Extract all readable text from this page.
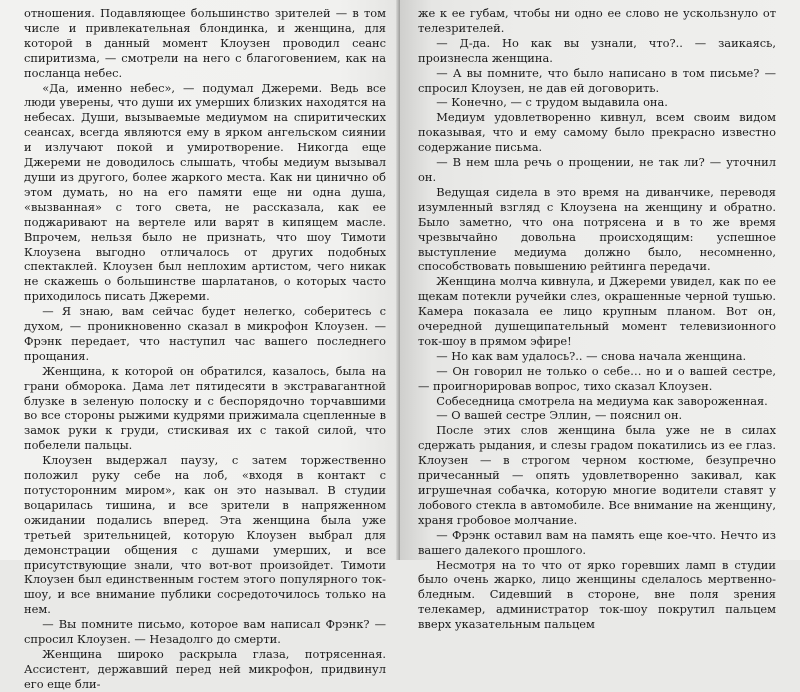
отношения. Подавляющее большинство зрителей — в том числе и привлекательная блондинка, и женщина, для которой в данный момент Клоузен проводил сеанс спиритизма, — смотрели на него с благоговением, как на посланца небес.

«Да, именно небес», — подумал Джереми. Ведь все люди уверены, что души их умерших близких находятся на небесах. Души, вызываемые медиумом на спиритических сеансах, всегда являются ему в ярком ангельском сиянии и излучают покой и умиротворение. Никогда еще Джереми не доводилось слышать, чтобы медиум вызывал души из другого, более жаркого места. Как ни цинично об этом думать, но на его памяти еще ни одна душа, «вызванная» с того света, не рассказала, как ее поджаривают на вертеле или варят в кипящем масле. Впрочем, нельзя было не признать, что шоу Тимоти Клоузена выгодно отличалось от других подобных спектаклей. Клоузен был неплохим артистом, чего никак не скажешь о большинстве шарлатанов, о которых часто приходилось писать Джереми.

— Я знаю, вам сейчас будет нелегко, соберитесь с духом, — проникновенно сказал в микрофон Клоузен. — Фрэнк передает, что наступил час вашего последнего прощания.

Женщина, к которой он обратился, казалось, была на грани обморока. Дама лет пятидесяти в экстравагантной блузке в зеленую полоску и с беспорядочно торчавшими во все стороны рыжими кудрями прижимала сцепленные в замок руки к груди, стискивая их с такой силой, что побелели пальцы.

Клоузен выдержал паузу, с затем торжественно положил руку себе на лоб, «входя в контакт с потусторонним миром», как он это называл. В студии воцарилась тишина, и все зрители в напряженном ожидании подались вперед. Эта женщина была уже третьей зрительницей, которую Клоузен выбрал для демонстрации общения с душами умерших, и все присутствующие знали, что вот-вот произойдет. Тимоти Клоузен был единственным гостем этого популярного ток-шоу, и все внимание публики сосредоточилось только на нем.

— Вы помните письмо, которое вам написал Фрэнк? — спросил Клоузен. — Незадолго до смерти.

Женщина широко раскрыла глаза, потрясенная. Ассистент, державший перед ней микрофон, придвинул его еще бли-

же к ее губам, чтобы ни одно ее слово не ускользнуло от телезрителей.

— Д-да. Но как вы узнали, что?.. — заикаясь, произнесла женщина.

— А вы помните, что было написано в том письме? — спросил Клоузен, не дав ей договорить.

— Конечно, — с трудом выдавила она.

Медиум удовлетворенно кивнул, всем своим видом показывая, что и ему самому было прекрасно известно содержание письма.

— В нем шла речь о прощении, не так ли? — уточнил он.

Ведущая сидела в это время на диванчике, переводя изумленный взгляд с Клоузена на женщину и обратно. Было заметно, что она потрясена и в то же время чрезвычайно довольна происходящим: успешное выступление медиума должно было, несомненно, способствовать повышению рейтинга передачи.

Женщина молча кивнула, и Джереми увидел, как по ее щекам потекли ручейки слез, окрашенные черной тушью. Камера показала ее лицо крупным планом. Вот он, очередной душещипательный момент телевизионного ток-шоу в прямом эфире!

— Но как вам удалось?.. — снова начала женщина.

— Он говорил не только о себе… но и о вашей сестре, — проигнорировав вопрос, тихо сказал Клоузен.

Собеседница смотрела на медиума как завороженная.

— О вашей сестре Эллин, — пояснил он.

После этих слов женщина была уже не в силах сдержать рыдания, и слезы градом покатились из ее глаз. Клоузен — в строгом черном костюме, безупречно причесанный — опять удовлетворенно закивал, как игрушечная собачка, которую многие водители ставят у лобового стекла в автомобиле. Все внимание на женщину, храня гробовое молчание.

— Фрэнк оставил вам на память еще кое-что. Нечто из вашего далекого прошлого.

Несмотря на то что от ярко горевших ламп в студии было очень жарко, лицо женщины сделалось мертвенно-бледным. Сидевший в стороне, вне поля зрения телекамер, администратор ток-шоу покрутил пальцем вверх указательным пальцем
